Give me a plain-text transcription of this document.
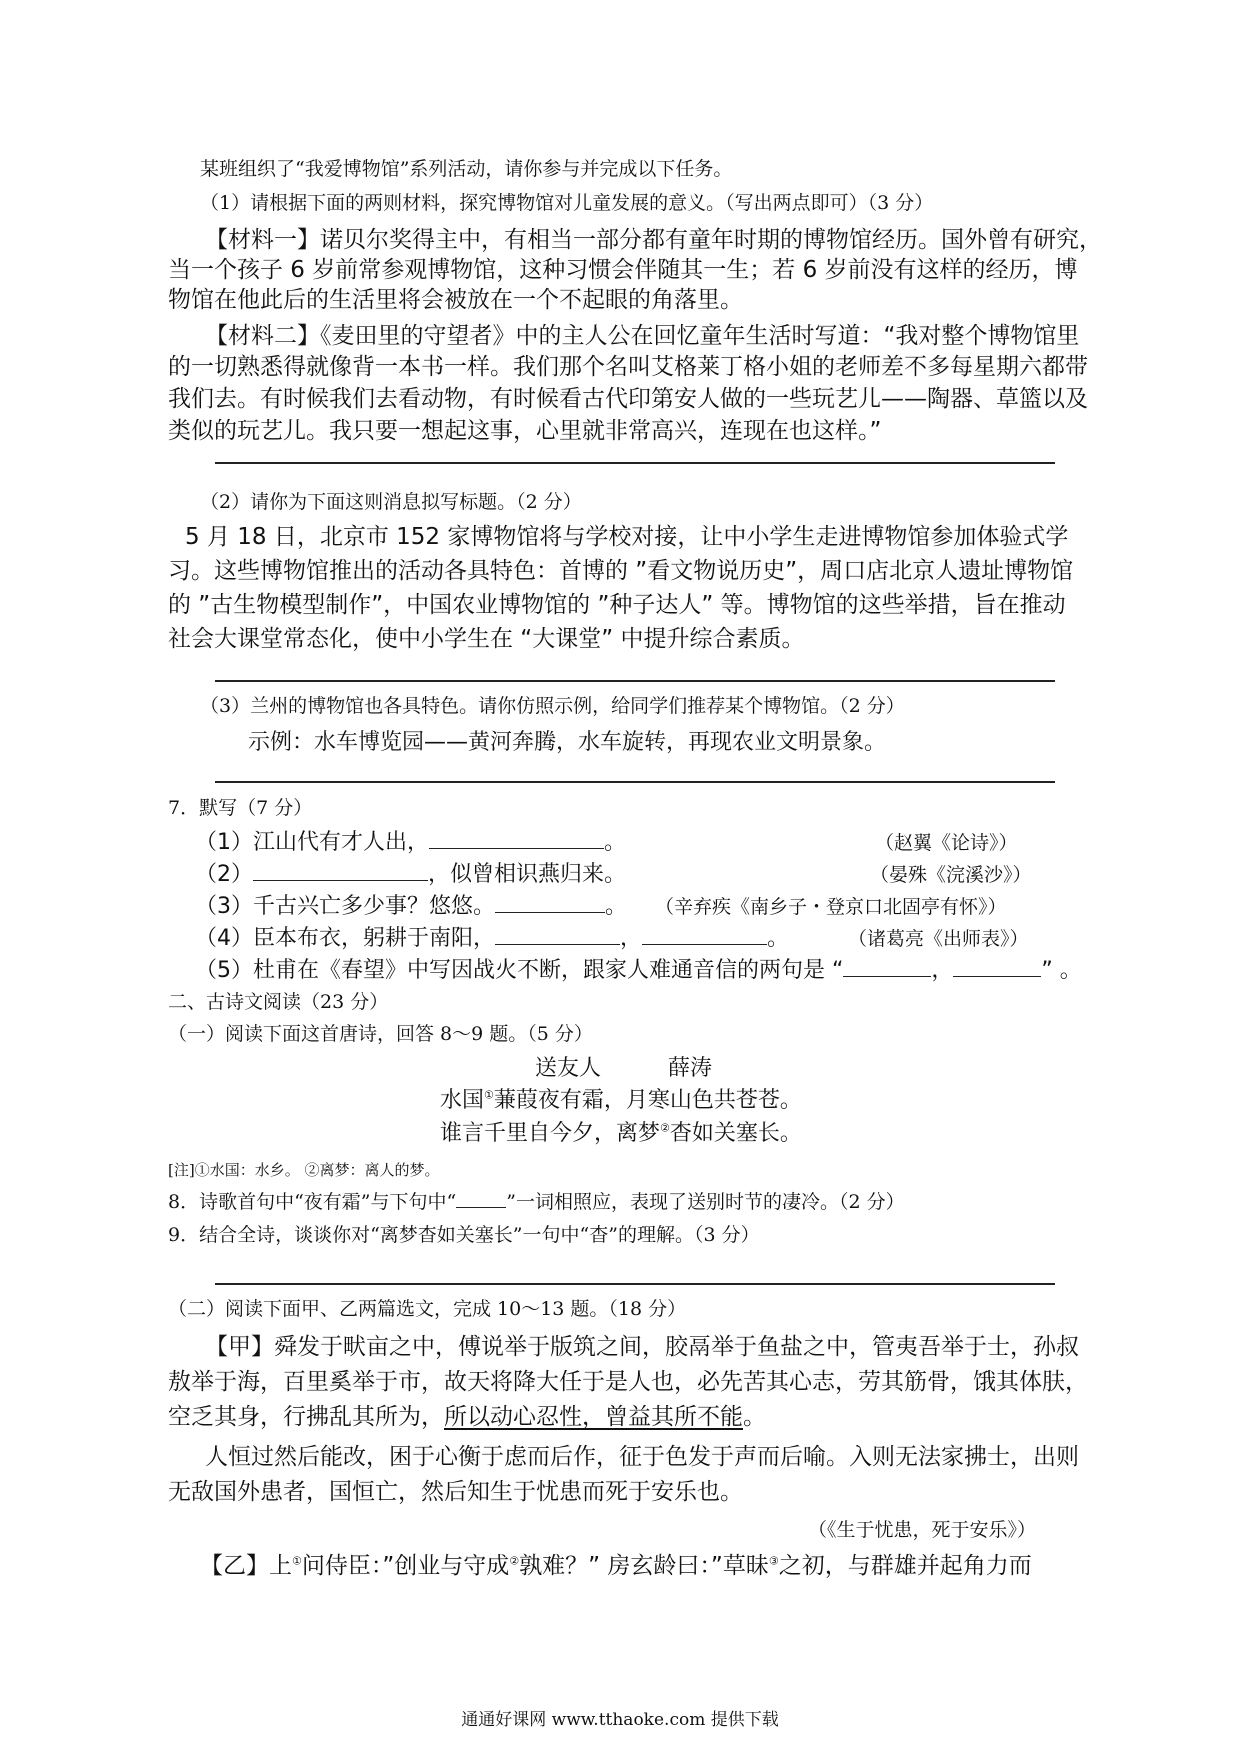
某班组织了“我爱博物馆”系列活动，请你参与并完成以下任务。
（1）请根据下面的两则材料，探究博物馆对儿童发展的意义。（写出两点即可）（3 分）
【材料一】诺贝尔奖得主中，有相当一部分都有童年时期的博物馆经历。国外曾有研究，
当一个孩子 6 岁前常参观博物馆，这种习惯会伴随其一生；若 6 岁前没有这样的经历，博
物馆在他此后的生活里将会被放在一个不起眼的角落里。
【材料二】《麦田里的守望者》中的主人公在回忆童年生活时写道：“我对整个博物馆里
的一切熟悉得就像背一本书一样。我们那个名叫艾格莱丁格小姐的老师差不多每星期六都带
我们去。有时候我们去看动物，有时候看古代印第安人做的一些玩艺儿——陶器、草篮以及
类似的玩艺儿。我只要一想起这事，心里就非常高兴，连现在也这样。”
（2）请你为下面这则消息拟写标题。（2 分）
5 月 18 日，北京市 152 家博物馆将与学校对接，让中小学生走进博物馆参加体验式学
习。这些博物馆推出的活动各具特色：首博的 ”看文物说历史”，周口店北京人遗址博物馆
的 ”古生物模型制作”，中国农业博物馆的 ”种子达人” 等。博物馆的这些举措，旨在推动
社会大课堂常态化，使中小学生在 “大课堂” 中提升综合素质。
（3）兰州的博物馆也各具特色。请你仿照示例，给同学们推荐某个博物馆。（2 分）
示例：水车博览园——黄河奔腾，水车旋转，再现农业文明景象。
7．默写（7 分）
（1）江山代有才人出，	。	（赵翼《论诗》）
（2）	，似曾相识燕归来。	（晏殊《浣溪沙》）
（3）千古兴亡多少事？悠悠。	。 （辛弃疾《南乡子・登京口北固亭有怀》）
（4）臣本布衣，躬耕于南阳，	，	。	（诸葛亮《出师表》）
（5）杜甫在《春望》中写因战火不断，跟家人难通音信的两句是 “	，	” 。
二、古诗文阅读（23 分）
（一）阅读下面这首唐诗，回答 8～9 题。（5 分）
送友人	薛涛
水国①蒹葭夜有霜，月寒山色共苍苍。
谁言千里自今夕，离梦②杳如关塞长。
[注]①水国：水乡。 ②离梦：离人的梦。
8．诗歌首句中“夜有霜”与下句中“	”一词相照应，表现了送别时节的凄冷。（2 分）
9．结合全诗，谈谈你对“离梦杳如关塞长”一句中“杳”的理解。（3 分）
（二）阅读下面甲、乙两篇选文，完成 10～13 题。（18 分）
【甲】舜发于畎亩之中，傅说举于版筑之间，胶鬲举于鱼盐之中，管夷吾举于士，孙叔
敖举于海，百里奚举于市，故天将降大任于是人也，必先苦其心志，劳其筋骨，饿其体肤，
空乏其身，行拂乱其所为，所以动心忍性，曾益其所不能。
人恒过然后能改，困于心衡于虑而后作，征于色发于声而后喻。入则无法家拂士，出则
无敌国外患者，国恒亡，然后知生于忧患而死于安乐也。
（《生于忧患，死于安乐》）
【乙】上①问侍臣：”创业与守成②孰难？” 房玄龄曰：”草昧③之初，与群雄并起角力而
通通好课网 www.tthaoke.com 提供下载
